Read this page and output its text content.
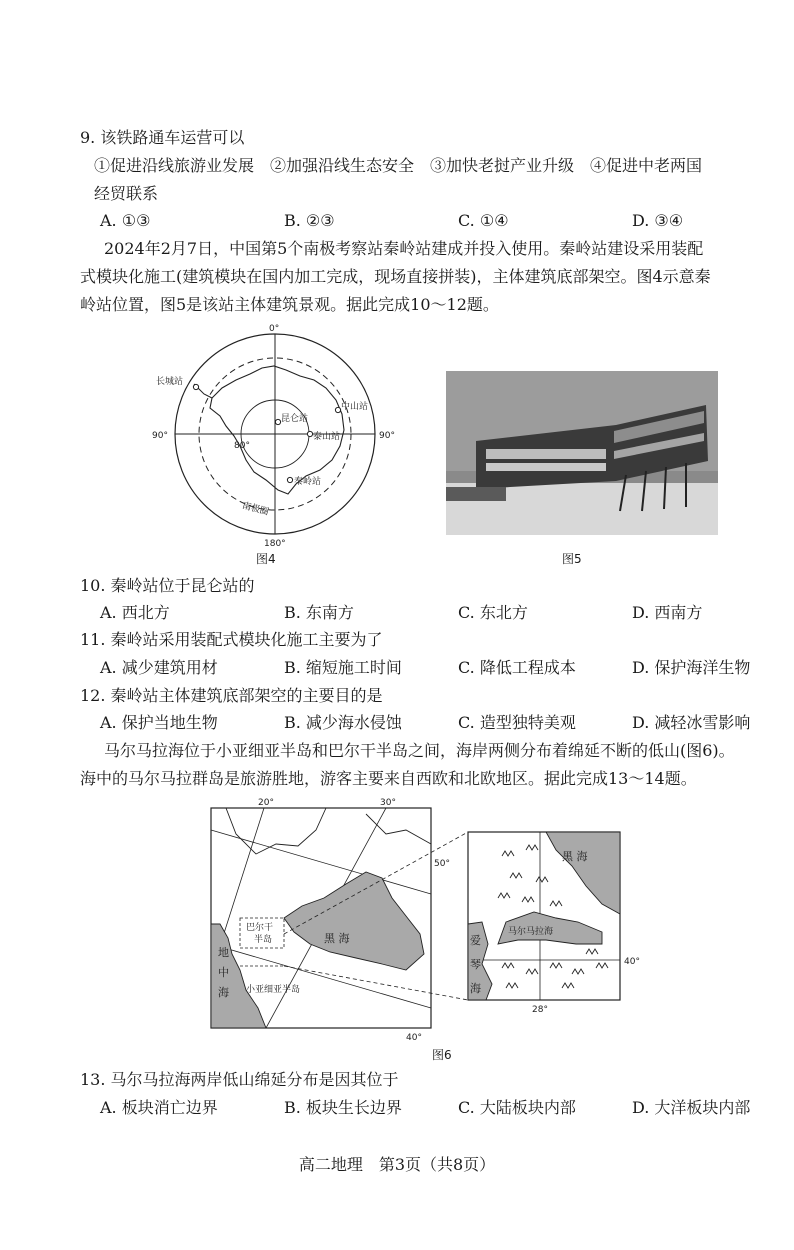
9. 该铁路通车运营可以
①促进沿线旅游业发展　②加强沿线生态安全　③加快老挝产业升级　④促进中老两国
经贸联系
A. ①③	B. ②③	C. ①④	D. ③④
2024年2月7日，中国第5个南极考察站秦岭站建成并投入使用。秦岭站建设采用装配
式模块化施工(建筑模块在国内加工完成，现场直接拼装)，主体建筑底部架空。图4示意秦
岭站位置，图5是该站主体建筑景观。据此完成10～12题。
0°
长城站
昆仑站
中山站
泰山站
秦岭站
90°	90°
80°
南极圈
180°
图4	图5
10. 秦岭站位于昆仑站的
A. 西北方	B. 东南方	C. 东北方	D. 西南方
11. 秦岭站采用装配式模块化施工主要为了
A. 减少建筑用材	B. 缩短施工时间	C. 降低工程成本	D. 保护海洋生物
12. 秦岭站主体建筑底部架空的主要目的是
A. 保护当地生物	B. 减少海水侵蚀	C. 造型独特美观	D. 减轻冰雪影响
马尔马拉海位于小亚细亚半岛和巴尔干半岛之间，海岸两侧分布着绵延不断的低山(图6)。
海中的马尔马拉群岛是旅游胜地，游客主要来自西欧和北欧地区。据此完成13～14题。
20°	30°
50°
40°
巴尔干
半岛	黑 海
地
中
海 小亚细亚半岛
黑 海
马尔马拉海
爱
琴
海
40°
28°
图6
13. 马尔马拉海两岸低山绵延分布是因其位于
A. 板块消亡边界	B. 板块生长边界	C. 大陆板块内部	D. 大洋板块内部
高二地理　第3页（共8页）
